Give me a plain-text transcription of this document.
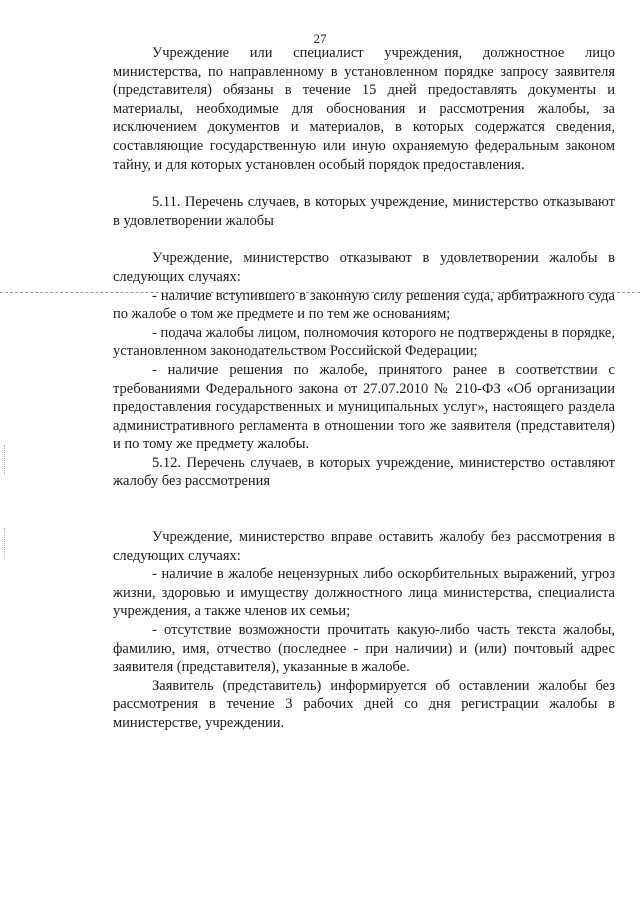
27

Учреждение или специалист учреждения, должностное лицо министерства, по направленному в установленном порядке запросу заявителя (представителя) обязаны в течение 15 дней предоставлять документы и материалы, необходимые для обоснования и рассмотрения жалобы, за исключением документов и материалов, в которых содержатся сведения, составляющие государственную или иную охраняемую федеральным законом тайну, и для которых установлен особый порядок предоставления.

5.11. Перечень случаев, в которых учреждение, министерство отказывают в удовлетворении жалобы

Учреждение, министерство отказывают в удовлетворении жалобы в следующих случаях:

- наличие вступившего в законную силу решения суда, арбитражного суда по жалобе о том же предмете и по тем же основаниям;

- подача жалобы лицом, полномочия которого не подтверждены в порядке, установленном законодательством Российской Федерации;

- наличие решения по жалобе, принятого ранее в соответствии с требованиями Федерального закона от 27.07.2010 № 210-ФЗ «Об организации предоставления государственных и муниципальных услуг», настоящего раздела административного регламента в отношении того же заявителя (представителя) и по тому же предмету жалобы.

5.12. Перечень случаев, в которых учреждение, министерство оставляют жалобу без рассмотрения

Учреждение, министерство вправе оставить жалобу без рассмотрения в следующих случаях:

- наличие в жалобе нецензурных либо оскорбительных выражений, угроз жизни, здоровью и имуществу должностного лица министерства, специалиста учреждения, а также членов их семьи;

- отсутствие возможности прочитать какую-либо часть текста жалобы, фамилию, имя, отчество (последнее - при наличии) и (или) почтовый адрес заявителя (представителя), указанные в жалобе.

Заявитель (представитель) информируется об оставлении жалобы без рассмотрения в течение 3 рабочих дней со дня регистрации жалобы в министерстве, учреждении.
